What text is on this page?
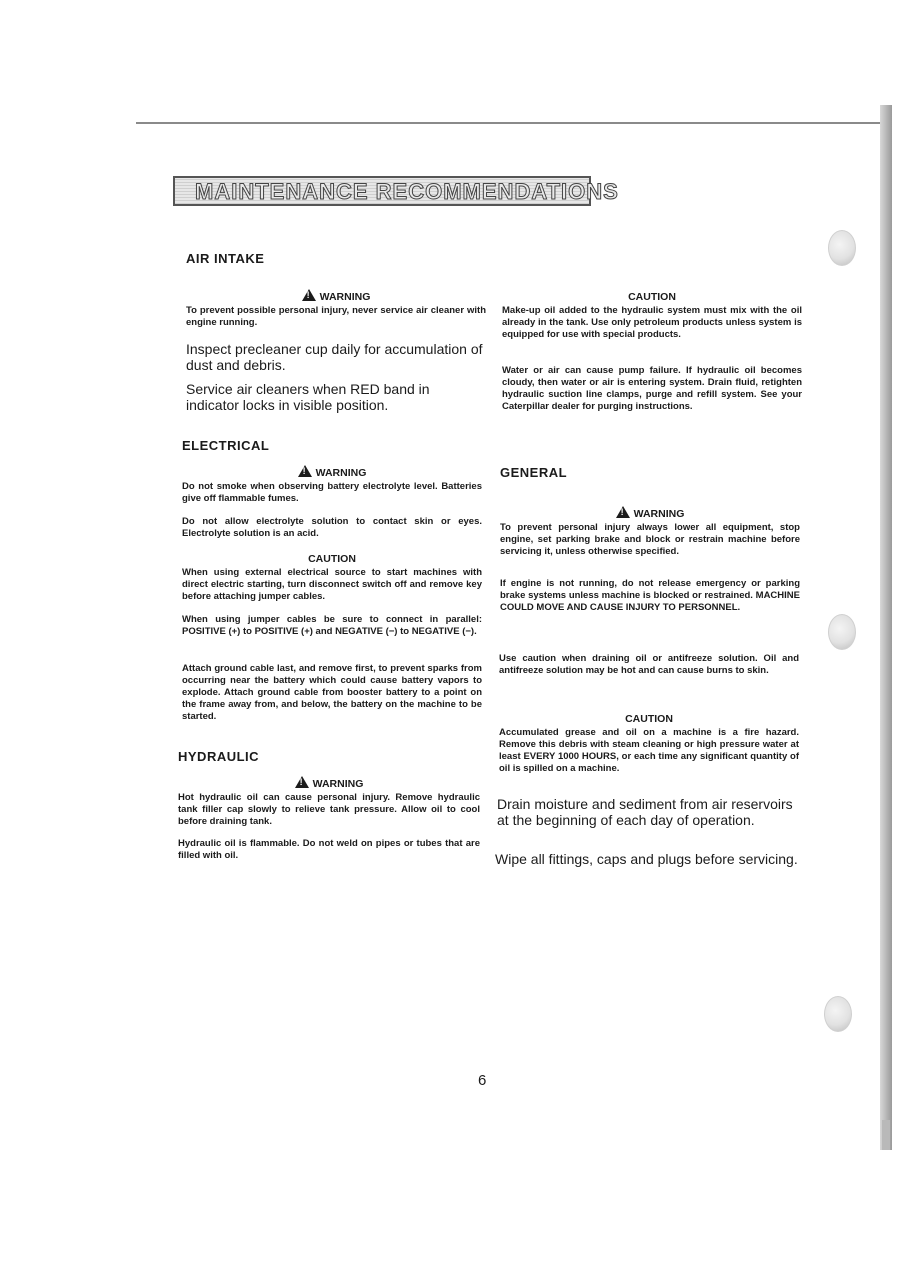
MAINTENANCE RECOMMENDATIONS

AIR INTAKE

!WARNING

To prevent possible personal injury, never service air cleaner with engine running.

Inspect precleaner cup daily for accumulation of dust and debris.

Service air cleaners when RED band in indicator locks in visible position.

ELECTRICAL

!WARNING

Do not smoke when observing battery electrolyte level. Batteries give off flammable fumes.

Do not allow electrolyte solution to contact skin or eyes. Electrolyte solution is an acid.

CAUTION

When using external electrical source to start machines with direct electric starting, turn disconnect switch off and remove key before attaching jumper cables.

When using jumper cables be sure to connect in parallel: POSITIVE (+) to POSITIVE (+) and NEGATIVE (−) to NEGATIVE (−).

Attach ground cable last, and remove first, to prevent sparks from occurring near the battery which could cause battery vapors to explode. Attach ground cable from booster battery to a point on the frame away from, and below, the battery on the machine to be started.

HYDRAULIC

!WARNING

Hot hydraulic oil can cause personal injury. Remove hydraulic tank filler cap slowly to relieve tank pressure. Allow oil to cool before draining tank.

Hydraulic oil is flammable. Do not weld on pipes or tubes that are filled with oil.

CAUTION

Make-up oil added to the hydraulic system must mix with the oil already in the tank. Use only petroleum products unless system is equipped for use with special products.

Water or air can cause pump failure. If hydraulic oil becomes cloudy, then water or air is entering system. Drain fluid, retighten hydraulic suction line clamps, purge and refill system. See your Caterpillar dealer for purging instructions.

GENERAL

!WARNING

To prevent personal injury always lower all equipment, stop engine, set parking brake and block or restrain machine before servicing it, unless otherwise specified.

If engine is not running, do not release emergency or parking brake systems unless machine is blocked or restrained. MACHINE COULD MOVE AND CAUSE INJURY TO PERSONNEL.

Use caution when draining oil or antifreeze solution. Oil and antifreeze solution may be hot and can cause burns to skin.

CAUTION

Accumulated grease and oil on a machine is a fire hazard. Remove this debris with steam cleaning or high pressure water at least EVERY 1000 HOURS, or each time any significant quantity of oil is spilled on a machine.

Drain moisture and sediment from air reservoirs at the beginning of each day of operation.

Wipe all fittings, caps and plugs before servicing.

6
